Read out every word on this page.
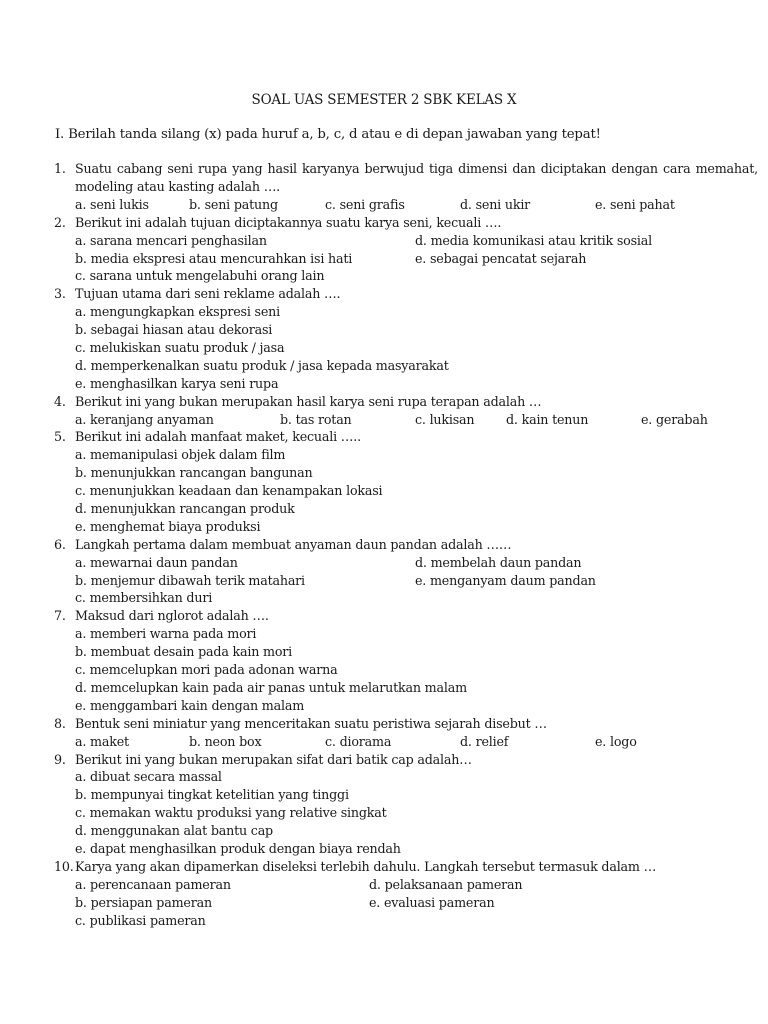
SOAL UAS SEMESTER 2 SBK KELAS X
I. Berilah tanda silang (x) pada huruf a, b, c, d atau e di depan jawaban yang tepat!
1. Suatu cabang seni rupa yang hasil karyanya berwujud tiga dimensi dan diciptakan dengan cara memahat, modeling atau kasting adalah ….
a. seni lukis	b. seni patung	c. seni grafis	d. seni ukir	e. seni pahat
2. Berikut ini adalah tujuan diciptakannya suatu karya seni, kecuali ….
a. sarana mencari penghasilan	d. media komunikasi atau kritik sosial
b. media ekspresi atau mencurahkan isi hati	e. sebagai pencatat sejarah
c. sarana untuk mengelabuhi orang lain
3. Tujuan utama dari seni reklame adalah ….
a. mengungkapkan ekspresi seni
b. sebagai hiasan atau dekorasi
c. melukiskan suatu produk / jasa
d. memperkenalkan suatu produk / jasa kepada masyarakat
e. menghasilkan karya seni rupa
4. Berikut ini yang bukan merupakan hasil karya seni rupa terapan adalah …
a. keranjang anyaman	b. tas rotan	c. lukisan d. kain tenun	e. gerabah
5. Berikut ini adalah manfaat maket, kecuali …..
a. memanipulasi objek dalam film
b. menunjukkan rancangan bangunan
c. menunjukkan keadaan dan kenampakan lokasi
d. menunjukkan rancangan produk
e. menghemat biaya produksi
6. Langkah pertama dalam membuat anyaman daun pandan adalah ……
a. mewarnai daun pandan	d. membelah daun pandan
b. menjemur dibawah terik matahari	e. menganyam daum pandan
c. membersihkan duri
7. Maksud dari nglorot adalah ….
a. memberi warna pada mori
b. membuat desain pada kain mori
c. memcelupkan mori pada adonan warna
d. memcelupkan kain pada air panas untuk melarutkan malam
e. menggambari kain dengan malam
8. Bentuk seni miniatur yang menceritakan suatu peristiwa sejarah disebut …
a. maket	b. neon box	c. diorama	d. relief	e. logo
9. Berikut ini yang bukan merupakan sifat dari batik cap adalah…
a. dibuat secara massal
b. mempunyai tingkat ketelitian yang tinggi
c. memakan waktu produksi yang relative singkat
d. menggunakan alat bantu cap
e. dapat menghasilkan produk dengan biaya rendah
10. Karya yang akan dipamerkan diseleksi terlebih dahulu. Langkah tersebut termasuk dalam …
a. perencanaan pameran	d. pelaksanaan pameran
b. persiapan pameran	e. evaluasi pameran
c. publikasi pameran
